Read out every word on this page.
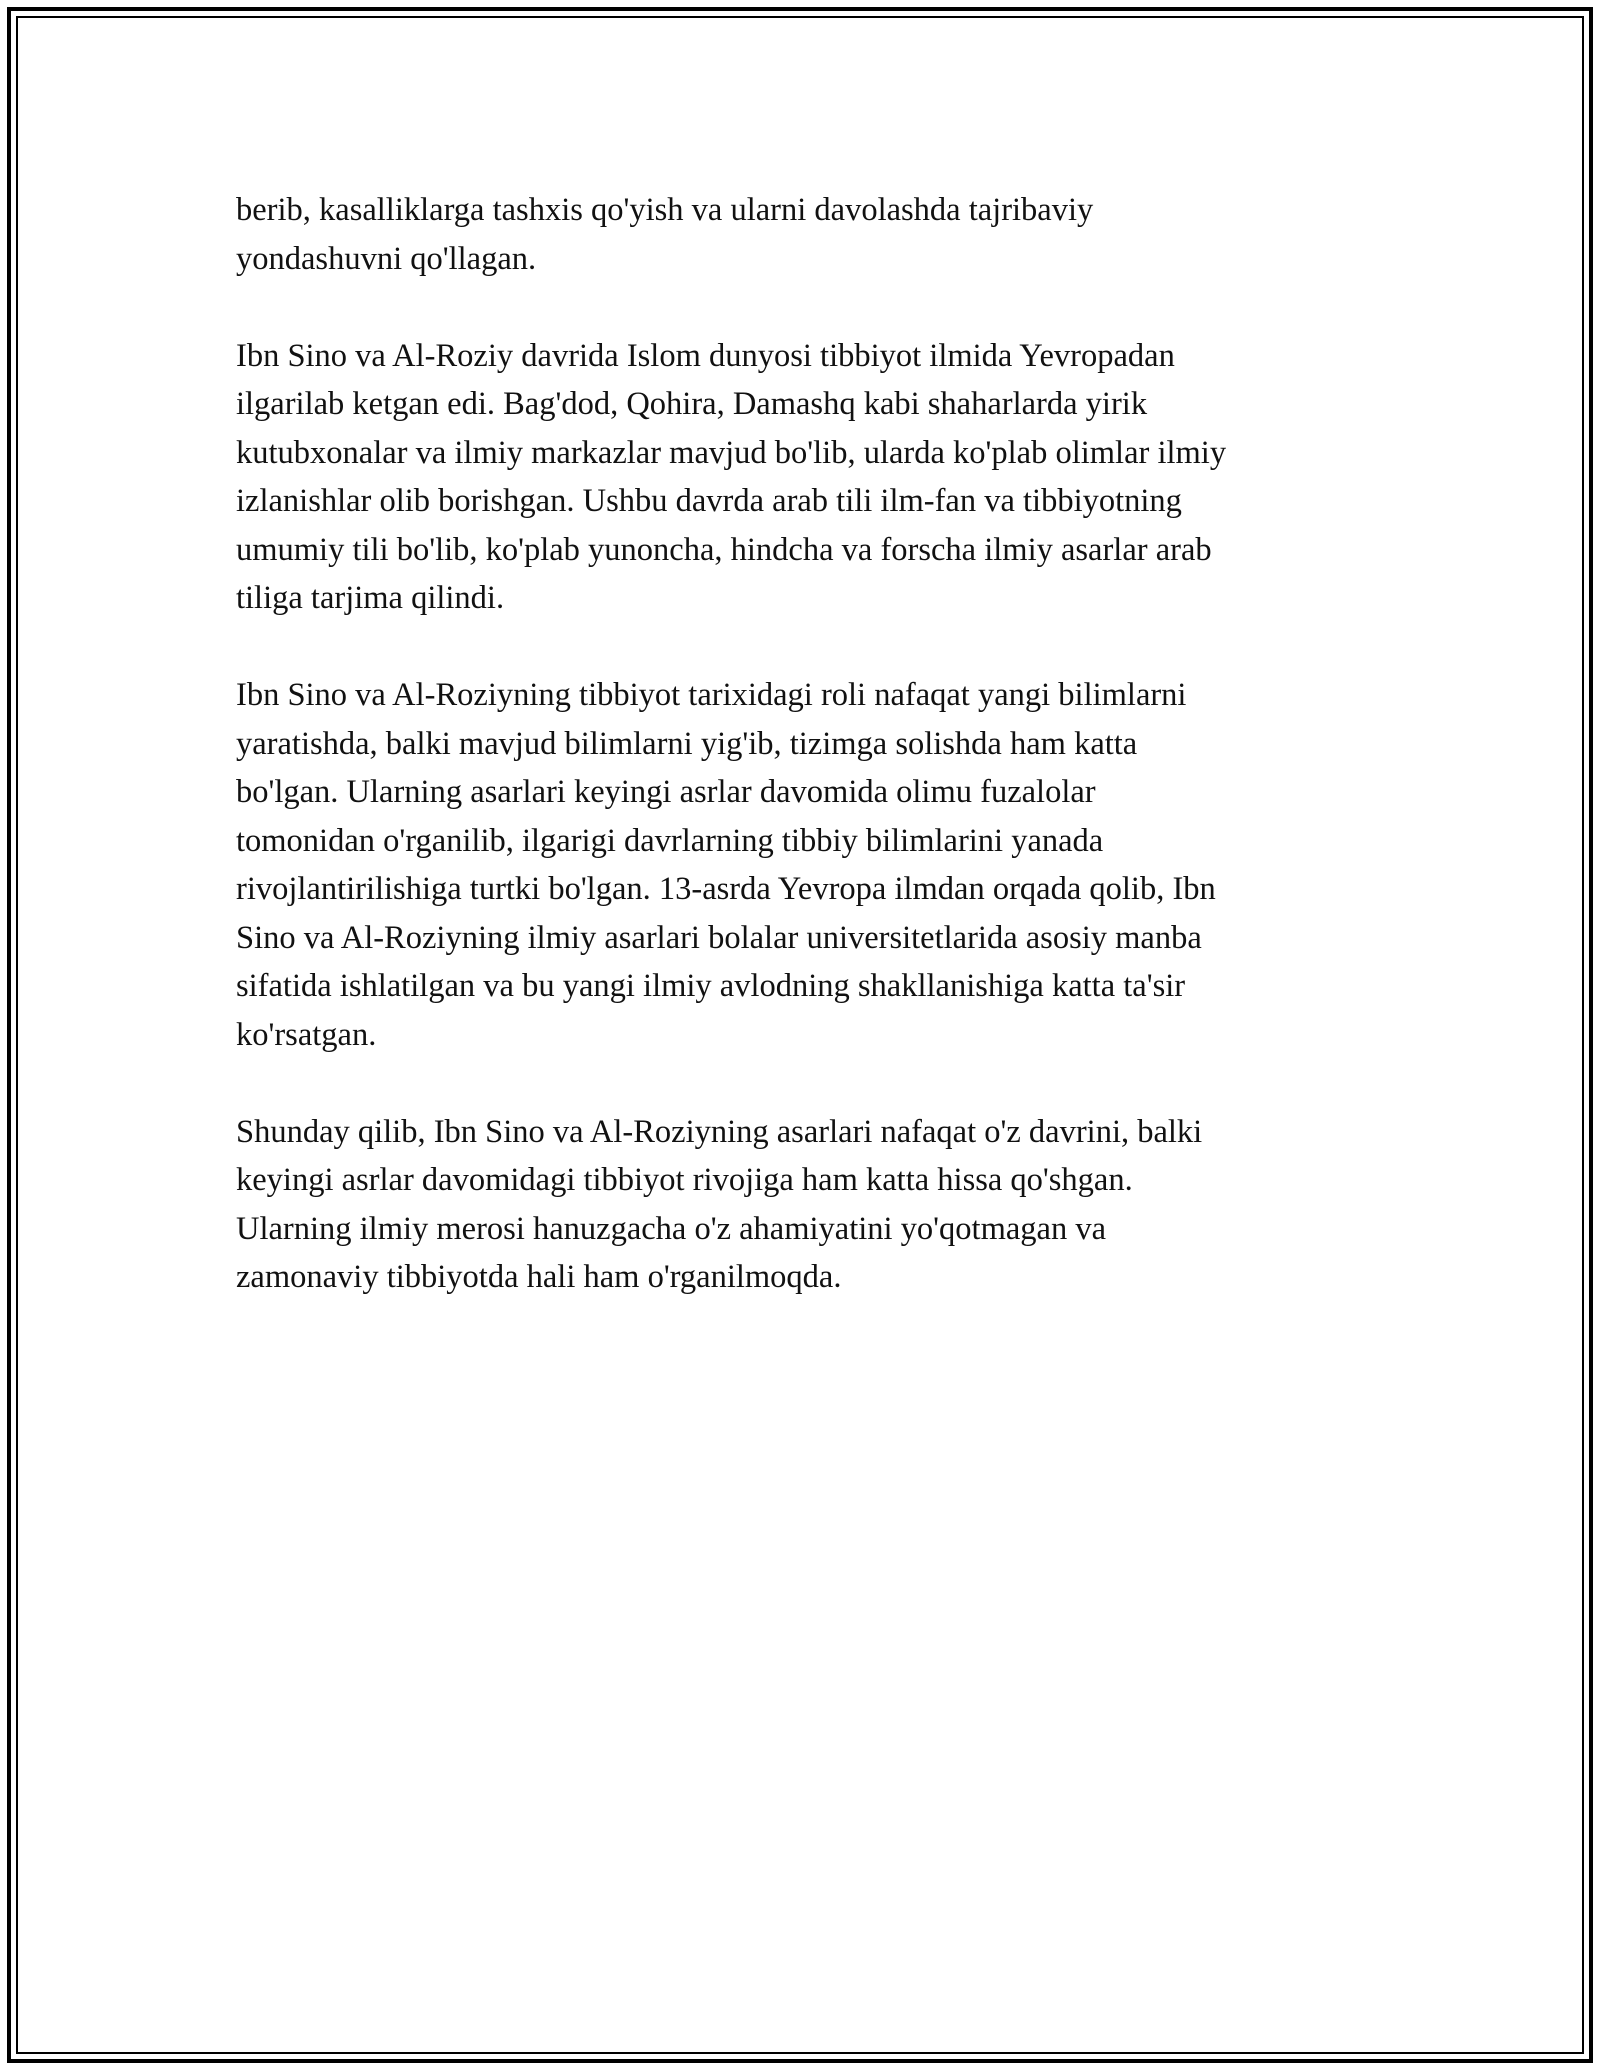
berib, kasalliklarga tashxis qo'yish va ularni davolashda tajribaviy
yondashuvni qo'llagan.

Ibn Sino va Al-Roziy davrida Islom dunyosi tibbiyot ilmida Yevropadan
ilgarilab ketgan edi. Bag'dod, Qohira, Damashq kabi shaharlarda yirik
kutubxonalar va ilmiy markazlar mavjud bo'lib, ularda ko'plab olimlar ilmiy
izlanishlar olib borishgan. Ushbu davrda arab tili ilm-fan va tibbiyotning
umumiy tili bo'lib, ko'plab yunoncha, hindcha va forscha ilmiy asarlar arab
tiliga tarjima qilindi.

Ibn Sino va Al-Roziyning tibbiyot tarixidagi roli nafaqat yangi bilimlarni
yaratishda, balki mavjud bilimlarni yig'ib, tizimga solishda ham katta
bo'lgan. Ularning asarlari keyingi asrlar davomida olimu fuzalolar
tomonidan o'rganilib, ilgarigi davrlarning tibbiy bilimlarini yanada
rivojlantirilishiga turtki bo'lgan. 13-asrda Yevropa ilmdan orqada qolib, Ibn
Sino va Al-Roziyning ilmiy asarlari bolalar universitetlarida asosiy manba
sifatida ishlatilgan va bu yangi ilmiy avlodning shakllanishiga katta ta'sir
ko'rsatgan.

Shunday qilib, Ibn Sino va Al-Roziyning asarlari nafaqat o'z davrini, balki
keyingi asrlar davomidagi tibbiyot rivojiga ham katta hissa qo'shgan.
Ularning ilmiy merosi hanuzgacha o'z ahamiyatini yo'qotmagan va
zamonaviy tibbiyotda hali ham o'rganilmoqda.
